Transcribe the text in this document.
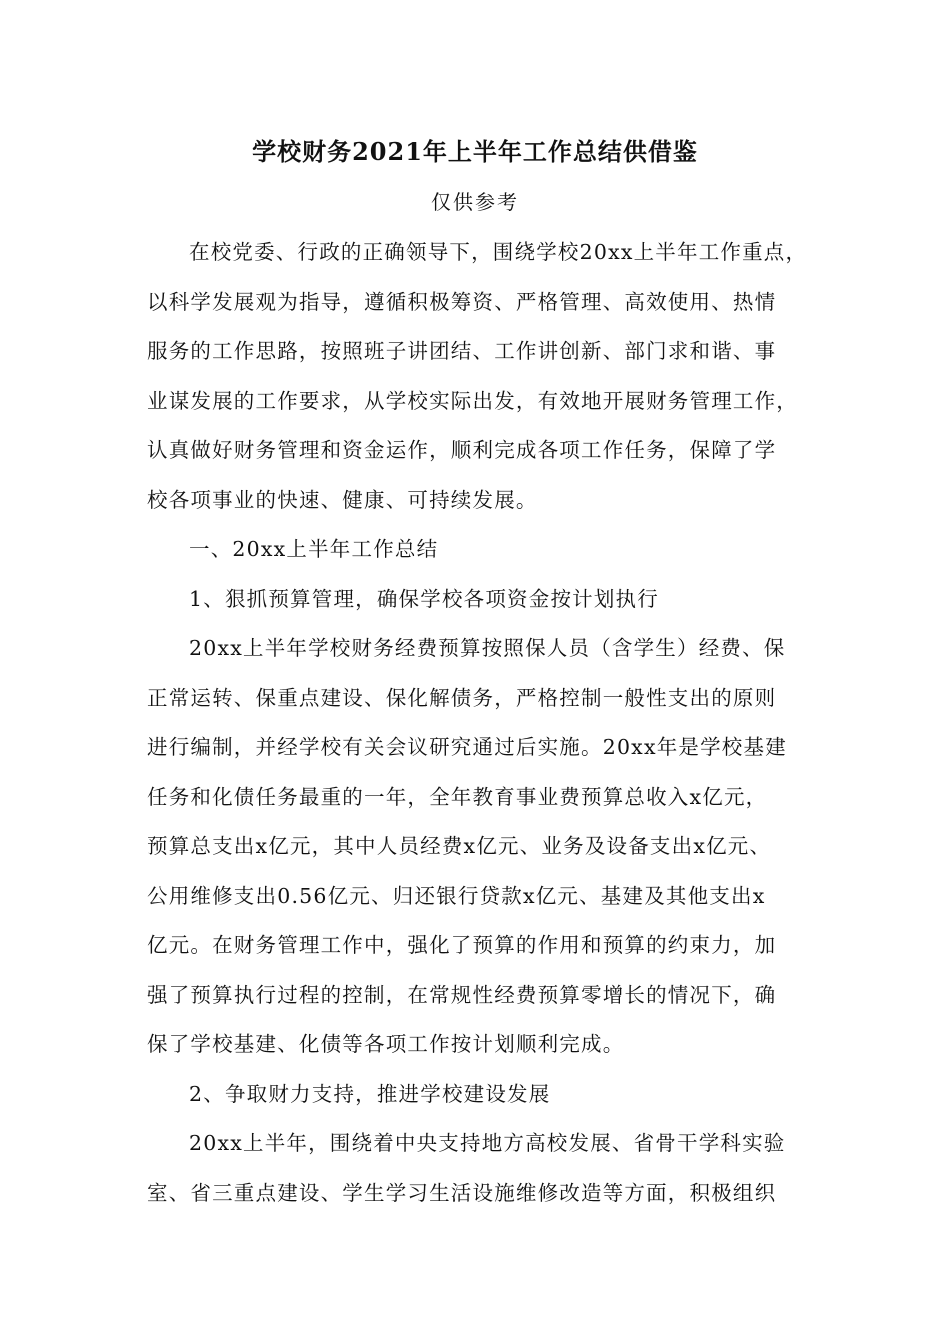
学校财务2021年上半年工作总结供借鉴
仅供参考
在校党委、行政的正确领导下，围绕学校20xx上半年工作重点，
以科学发展观为指导，遵循积极筹资、严格管理、高效使用、热情
服务的工作思路，按照班子讲团结、工作讲创新、部门求和谐、事
业谋发展的工作要求，从学校实际出发，有效地开展财务管理工作，
认真做好财务管理和资金运作，顺利完成各项工作任务，保障了学
校各项事业的快速、健康、可持续发展。
一、20xx上半年工作总结
1、狠抓预算管理，确保学校各项资金按计划执行
20xx上半年学校财务经费预算按照保人员（含学生）经费、保
正常运转、保重点建设、保化解债务，严格控制一般性支出的原则
进行编制，并经学校有关会议研究通过后实施。20xx年是学校基建
任务和化债任务最重的一年，全年教育事业费预算总收入x亿元，
预算总支出x亿元，其中人员经费x亿元、业务及设备支出x亿元、
公用维修支出0.56亿元、归还银行贷款x亿元、基建及其他支出x
亿元。在财务管理工作中，强化了预算的作用和预算的约束力，加
强了预算执行过程的控制，在常规性经费预算零增长的情况下，确
保了学校基建、化债等各项工作按计划顺利完成。
2、争取财力支持，推进学校建设发展
20xx上半年，围绕着中央支持地方高校发展、省骨干学科实验
室、省三重点建设、学生学习生活设施维修改造等方面，积极组织
